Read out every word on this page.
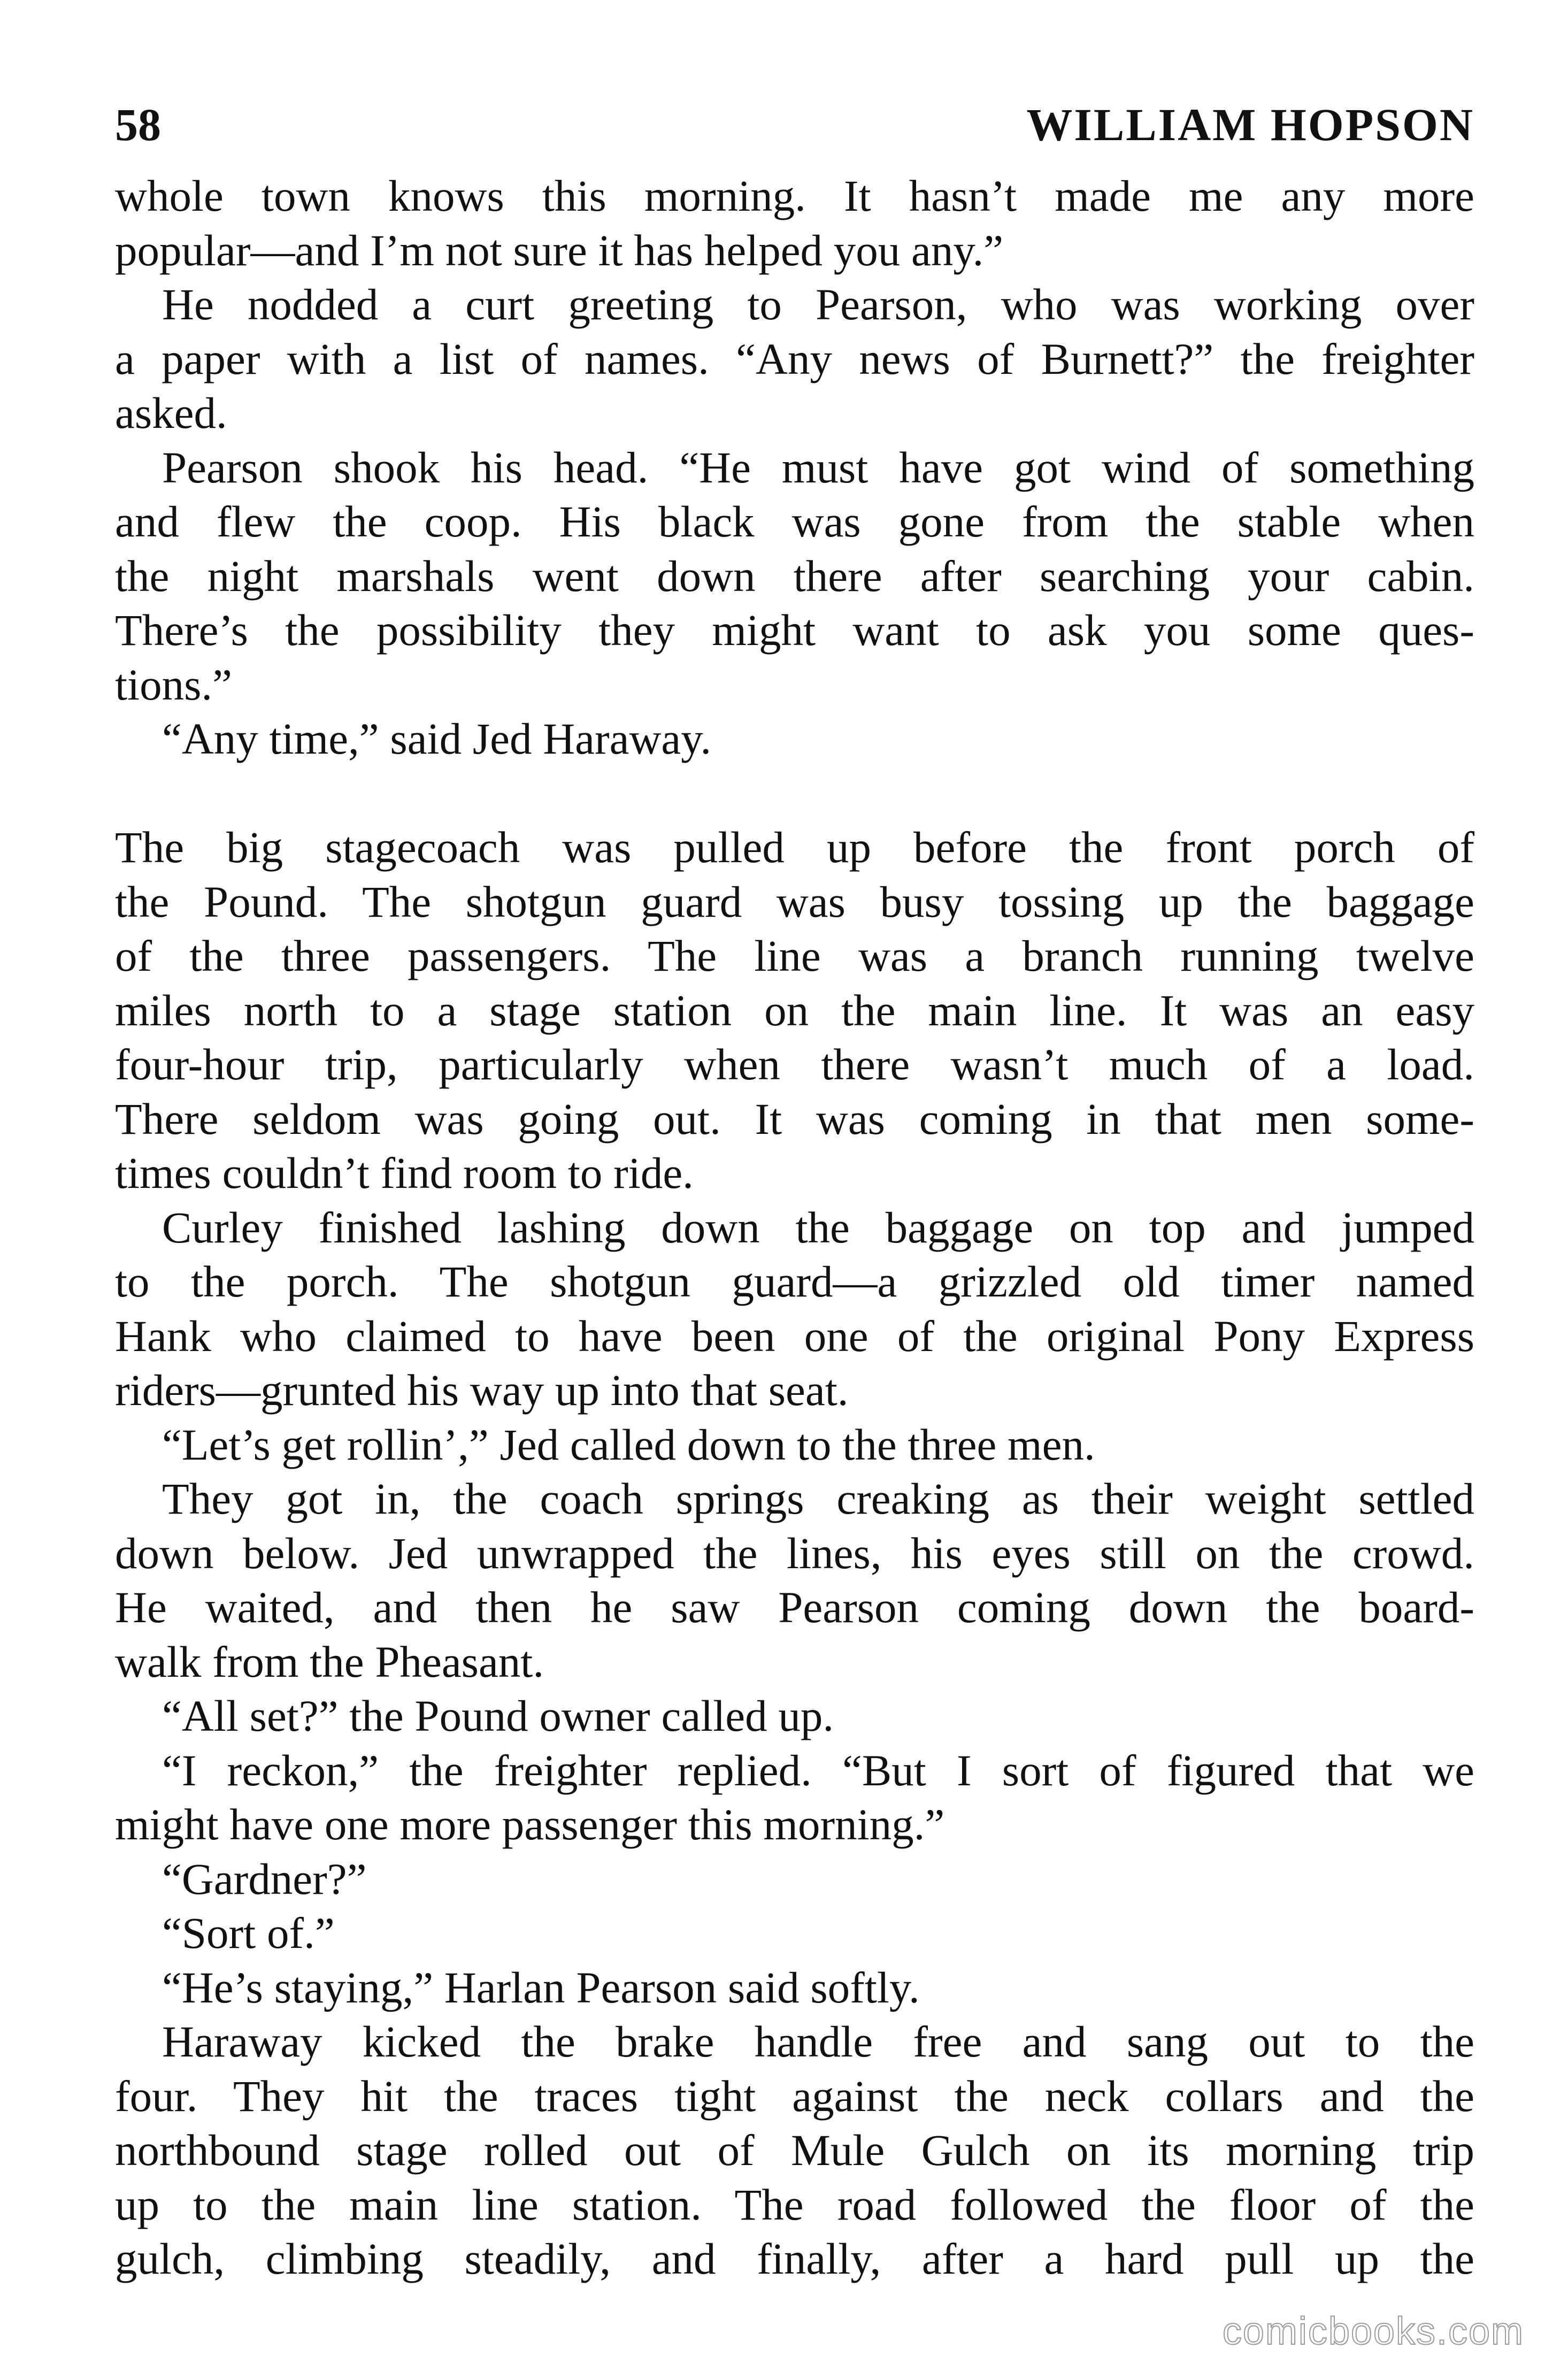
58	WILLIAM HOPSON
whole town knows this morning. It hasn’t made me any more
popular—and I’m not sure it has helped you any.”
He nodded a curt greeting to Pearson, who was working over
a paper with a list of names. “Any news of Burnett?” the freighter
asked.
Pearson shook his head. “He must have got wind of something
and flew the coop. His black was gone from the stable when
the night marshals went down there after searching your cabin.
There’s the possibility they might want to ask you some ques-
tions.”
“Any time,” said Jed Haraway.
The big stagecoach was pulled up before the front porch of
the Pound. The shotgun guard was busy tossing up the baggage
of the three passengers. The line was a branch running twelve
miles north to a stage station on the main line. It was an easy
four-hour trip, particularly when there wasn’t much of a load.
There seldom was going out. It was coming in that men some-
times couldn’t find room to ride.
Curley finished lashing down the baggage on top and jumped
to the porch. The shotgun guard—a grizzled old timer named
Hank who claimed to have been one of the original Pony Express
riders—grunted his way up into that seat.
“Let’s get rollin’,” Jed called down to the three men.
They got in, the coach springs creaking as their weight settled
down below. Jed unwrapped the lines, his eyes still on the crowd.
He waited, and then he saw Pearson coming down the board-
walk from the Pheasant.
“All set?” the Pound owner called up.
“I reckon,” the freighter replied. “But I sort of figured that we
might have one more passenger this morning.”
“Gardner?”
“Sort of.”
“He’s staying,” Harlan Pearson said softly.
Haraway kicked the brake handle free and sang out to the
four. They hit the traces tight against the neck collars and the
northbound stage rolled out of Mule Gulch on its morning trip
up to the main line station. The road followed the floor of the
gulch, climbing steadily, and finally, after a hard pull up the
comicbooks.com
